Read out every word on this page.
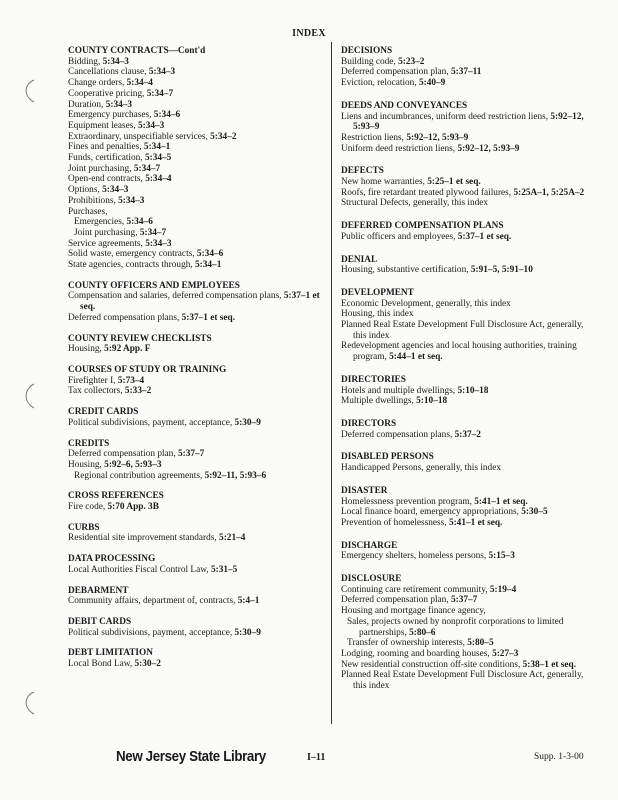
INDEX
COUNTY CONTRACTS—Cont'd
Bidding, 5:34–3
Cancellations clause, 5:34–3
Change orders, 5:34–4
Cooperative pricing, 5:34–7
Duration, 5:34–3
Emergency purchases, 5:34–6
Equipment leases, 5:34–3
Extraordinary, unspecifiable services, 5:34–2
Fines and penalties, 5:34–1
Funds, certification, 5:34–5
Joint purchasing, 5:34–7
Open-end contracts, 5:34–4
Options, 5:34–3
Prohibitions, 5:34–3
Purchases,
Emergencies, 5:34–6
Joint purchasing, 5:34–7
Service agreements, 5:34–3
Solid waste, emergency contracts, 5:34–6
State agencies, contracts through, 5:34–1
COUNTY OFFICERS AND EMPLOYEES
Compensation and salaries, deferred compensation plans, 5:37–1 et seq.
Deferred compensation plans, 5:37–1 et seq.
COUNTY REVIEW CHECKLISTS
Housing, 5:92 App. F
COURSES OF STUDY OR TRAINING
Firefighter I, 5:73–4
Tax collectors, 5:33–2
CREDIT CARDS
Political subdivisions, payment, acceptance, 5:30–9
CREDITS
Deferred compensation plan, 5:37–7
Housing, 5:92–6, 5:93–3
Regional contribution agreements, 5:92–11, 5:93–6
CROSS REFERENCES
Fire code, 5:70 App. 3B
CURBS
Residential site improvement standards, 5:21–4
DATA PROCESSING
Local Authorities Fiscal Control Law, 5:31–5
DEBARMENT
Community affairs, department of, contracts, 5:4–1
DEBIT CARDS
Political subdivisions, payment, acceptance, 5:30–9
DEBT LIMITATION
Local Bond Law, 5:30–2
DECISIONS
Building code, 5:23–2
Deferred compensation plan, 5:37–11
Eviction, relocation, 5:40–9
DEEDS AND CONVEYANCES
Liens and incumbrances, uniform deed restriction liens, 5:92–12, 5:93–9
Restriction liens, 5:92–12, 5:93–9
Uniform deed restriction liens, 5:92–12, 5:93–9
DEFECTS
New home warranties, 5:25–1 et seq.
Roofs, fire retardant treated plywood failures, 5:25A–1, 5:25A–2
Structural Defects, generally, this index
DEFERRED COMPENSATION PLANS
Public officers and employees, 5:37–1 et seq.
DENIAL
Housing, substantive certification, 5:91–5, 5:91–10
DEVELOPMENT
Economic Development, generally, this index
Housing, this index
Planned Real Estate Development Full Disclosure Act, generally, this index
Redevelopment agencies and local housing authorities, training program, 5:44–1 et seq.
DIRECTORIES
Hotels and multiple dwellings, 5:10–18
Multiple dwellings, 5:10–18
DIRECTORS
Deferred compensation plans, 5:37–2
DISABLED PERSONS
Handicapped Persons, generally, this index
DISASTER
Homelessness prevention program, 5:41–1 et seq.
Local finance board, emergency appropriations, 5:30–5
Prevention of homelessness, 5:41–1 et seq.
DISCHARGE
Emergency shelters, homeless persons, 5:15–3
DISCLOSURE
Continuing care retirement community, 5:19–4
Deferred compensation plan, 5:37–7
Housing and mortgage finance agency,
Sales, projects owned by nonprofit corporations to limited partnerships, 5:80–6
Transfer of ownership interests, 5:80–5
Lodging, rooming and boarding houses, 5:27–3
New residential construction off-site conditions, 5:38–1 et seq.
Planned Real Estate Development Full Disclosure Act, generally, this index
New Jersey State Library	I–11	Supp. 1-3-00
